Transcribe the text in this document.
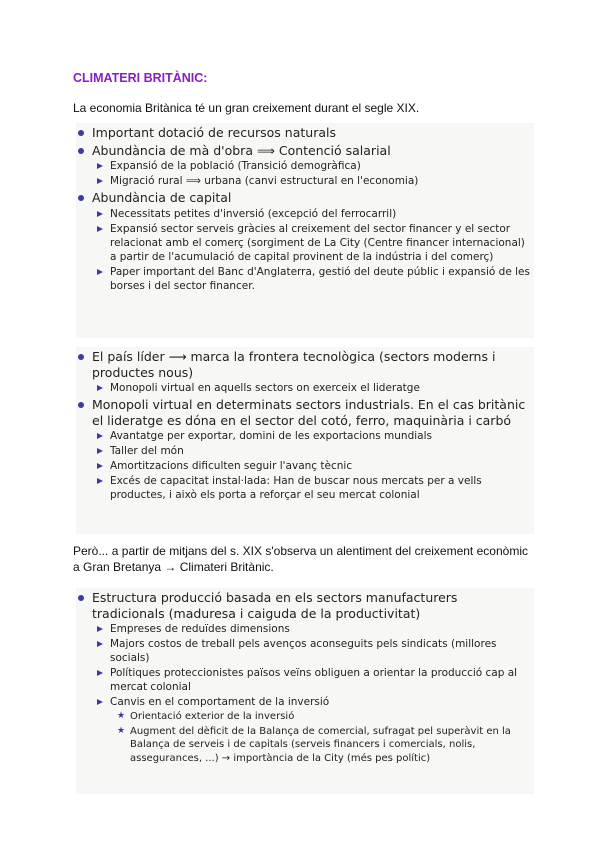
CLIMATERI BRITÀNIC:
La economia Britànica té un gran creixement durant el segle XIX.
Important dotació de recursos naturals
Abundància de mà d'obra ⟹ Contenció salarial
Expansió de la població (Transició demogràfica)
Migració rural ⟹ urbana (canvi estructural en l'economia)
Abundància de capital
Necessitats petites d'inversió (excepció del ferrocarril)
Expansió sector serveis gràcies al creixement del sector financer y el sector relacionat amb el comerç (sorgiment de La City (Centre financer internacional) a partir de l'acumulació de capital provinent de la indústria i del comerç)
Paper important del Banc d'Anglaterra, gestió del deute públic i expansió de les borses i del sector financer.
El país líder ⟶ marca la frontera tecnològica (sectors moderns i productes nous)
Monopoli virtual en aquells sectors on exerceix el lideratge
Monopoli virtual en determinats sectors industrials. En el cas britànic el lideratge es dóna en el sector del cotó, ferro, maquinària i carbó
Avantatge per exportar, domini de les exportacions mundials
Taller del món
Amortitzacions dificulten seguir l'avanç tècnic
Excés de capacitat instal·lada: Han de buscar nous mercats per a vells productes, i això els porta a reforçar el seu mercat colonial
Però... a partir de mitjans del s. XIX s'observa un alentiment del creixement econòmic a Gran Bretanya → Climateri Britànic.
Estructura producció basada en els sectors manufacturers tradicionals (maduresa i caiguda de la productivitat)
Empreses de reduïdes dimensions
Majors costos de treball pels avenços aconseguits pels sindicats (millores socials)
Polítiques proteccionistes països veïns obliguen a orientar la producció cap al mercat colonial
Canvis en el comportament de la inversió
★ Orientació exterior de la inversió
★ Augment del dèficit de la Balança de comercial, sufragat pel superàvit en la Balança de serveis i de capitals (serveis financers i comercials, nolis, assegurances, ...) → importància de la City (més pes polític)
